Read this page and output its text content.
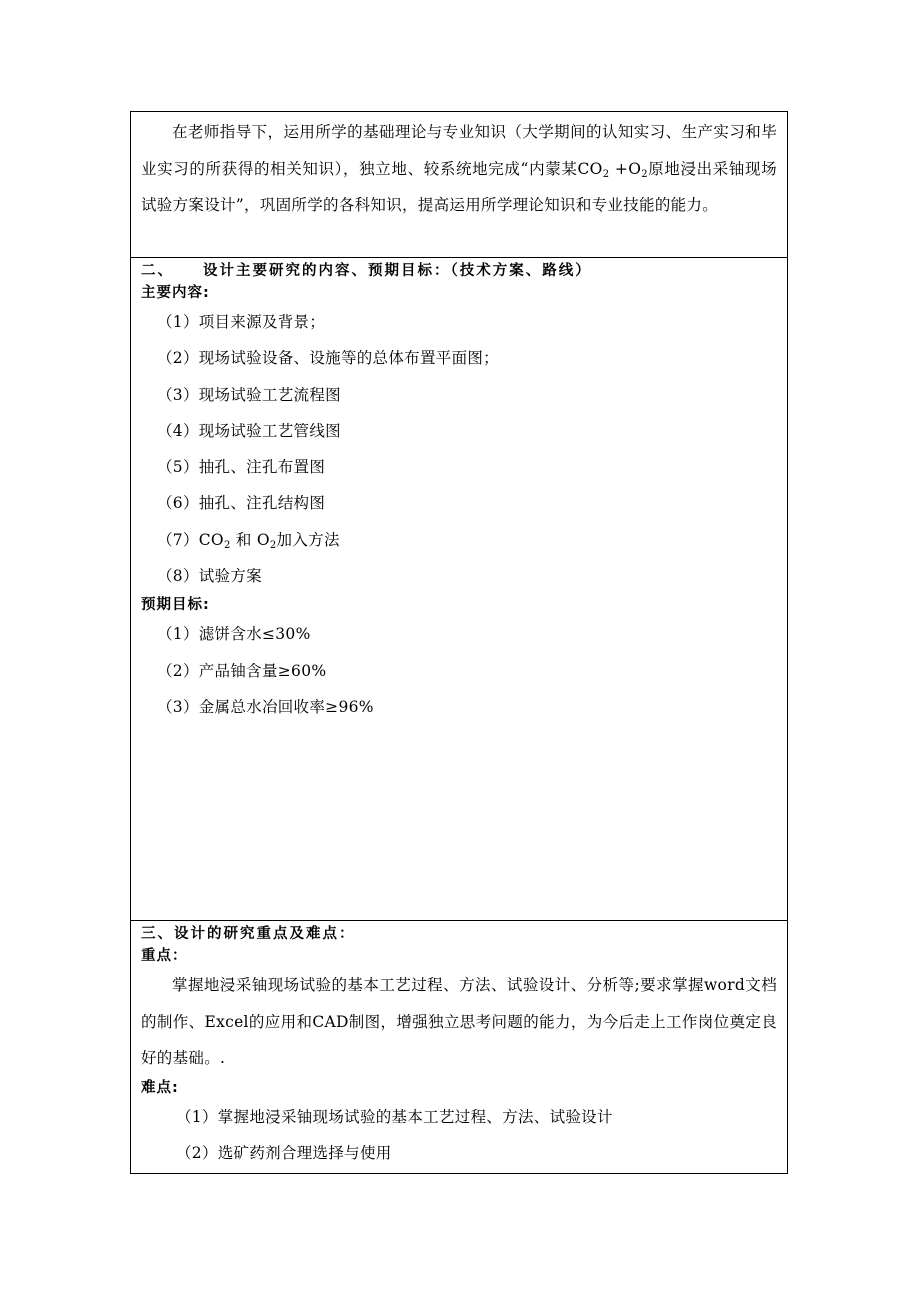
在老师指导下，运用所学的基础理论与专业知识（大学期间的认知实习、生产实习和毕业实习的所获得的相关知识），独立地、较系统地完成“内蒙某$CO_2 +O_2$原地浸出采铀现场试验方案设计”，巩固所学的各科知识，提高运用所学理论知识和专业技能的能力。

二、 设计主要研究的内容、预期目标：（技术方案、路线）
主要内容:
（1）项目来源及背景；
（2）现场试验设备、设施等的总体布置平面图；
（3）现场试验工艺流程图
（4）现场试验工艺管线图
（5）抽孔、注孔布置图
（6）抽孔、注孔结构图
$(7)CO_2$ 和 $O_2$加入方法
（8）试验方案
预期目标:
（1）滤饼含水≤30%
（2）产品铀含量≥60%
（3）金属总水冶回收率≥96%
三、设计的研究重点及难点：
重点：

掌握地浸采铀现场试验的基本工艺过程、方法、试验设计、分析等;要求掌握word文档的制作、Excel的应用和CAD制图，增强独立思考问题的能力，为今后走上工作岗位奠定良好的基础。.

难点:
（1）掌握地浸采铀现场试验的基本工艺过程、方法、试验设计
（2）选矿药剂合理选择与使用
